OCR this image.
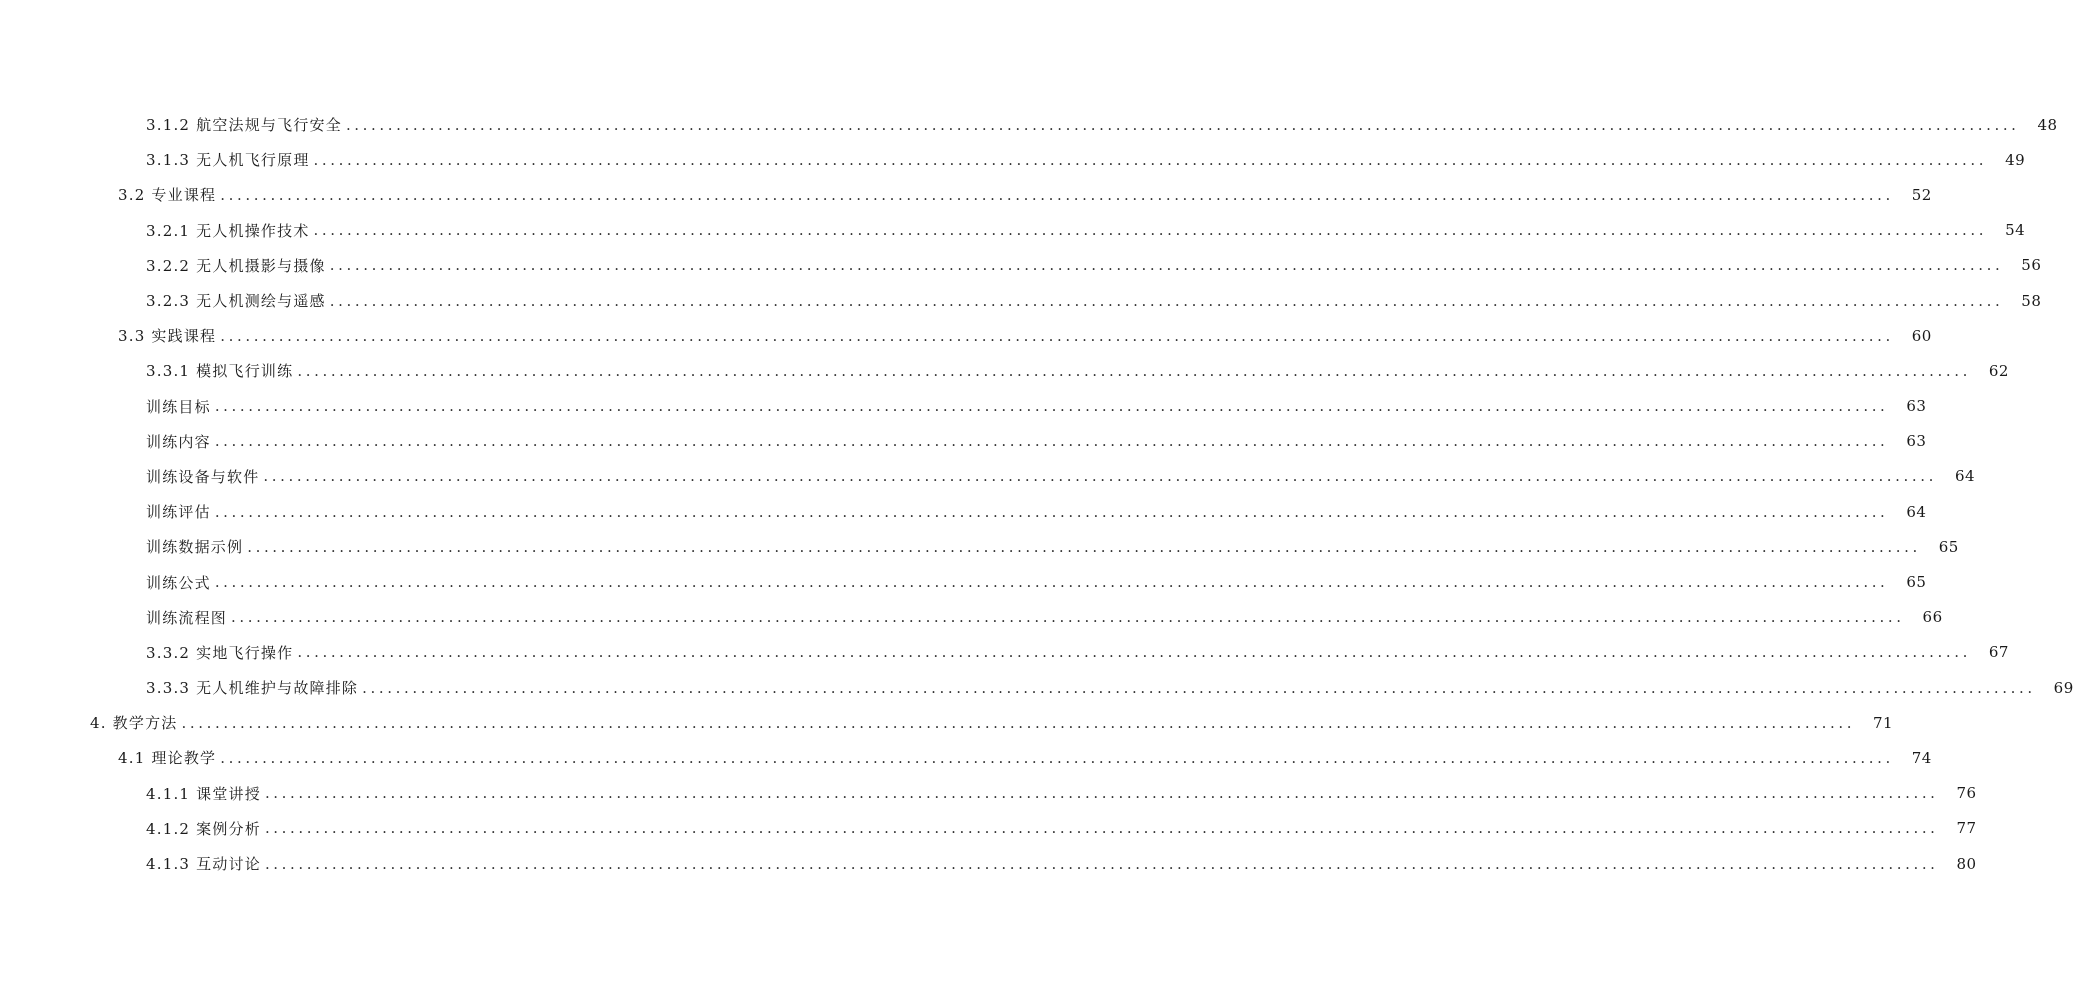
3.1.2 航空法规与飞行安全 ........................................................................................................................................................................................................	48
3.1.3 无人机飞行原理 ........................................................................................................................................................................................................	49
3.2 专业课程 ........................................................................................................................................................................................................	52
3.2.1 无人机操作技术 ........................................................................................................................................................................................................	54
3.2.2 无人机摄影与摄像 ........................................................................................................................................................................................................	56
3.2.3 无人机测绘与遥感 ........................................................................................................................................................................................................	58
3.3 实践课程 ........................................................................................................................................................................................................	60
3.3.1 模拟飞行训练 ........................................................................................................................................................................................................	62
训练目标 ........................................................................................................................................................................................................	63
训练内容 ........................................................................................................................................................................................................	63
训练设备与软件 ........................................................................................................................................................................................................	64
训练评估 ........................................................................................................................................................................................................	64
训练数据示例 ........................................................................................................................................................................................................	65
训练公式 ........................................................................................................................................................................................................	65
训练流程图 ........................................................................................................................................................................................................	66
3.3.2 实地飞行操作 ........................................................................................................................................................................................................	67
3.3.3 无人机维护与故障排除 ........................................................................................................................................................................................................	69
4. 教学方法 ........................................................................................................................................................................................................	71
4.1 理论教学 ........................................................................................................................................................................................................	74
4.1.1 课堂讲授 ........................................................................................................................................................................................................	76
4.1.2 案例分析 ........................................................................................................................................................................................................	77
4.1.3 互动讨论 ........................................................................................................................................................................................................	80
